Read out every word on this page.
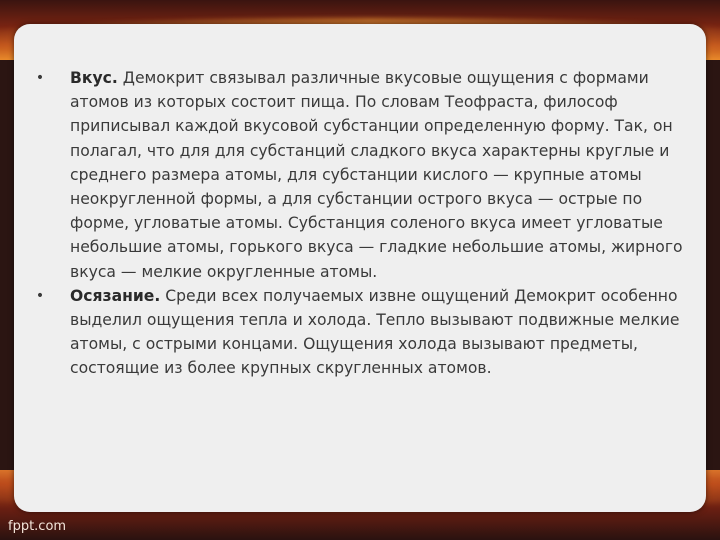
•	Вкус. Демокрит связывал различные вкусовые ощущения с формами атомов из которых состоит пища. По словам Теофраста, философ приписывал каждой вкусовой субстанции определенную форму. Так, он полагал, что для для субстанций сладкого вкуса характерны круглые и среднего размера атомы, для субстанции кислого — крупные атомы неокругленной формы, а для субстанции острого вкуса — острые по форме, угловатые атомы. Субстанция соленого вкуса имеет угловатые небольшие атомы, горького вкуса — гладкие небольшие атомы, жирного вкуса — мелкие округленные атомы.
•	Осязание. Среди всех получаемых извне ощущений Демокрит особенно выделил ощущения тепла и холода. Тепло вызывают подвижные мелкие атомы, с острыми концами. Ощущения холода вызывают предметы, состоящие из более крупных скругленных атомов.
fppt.com
